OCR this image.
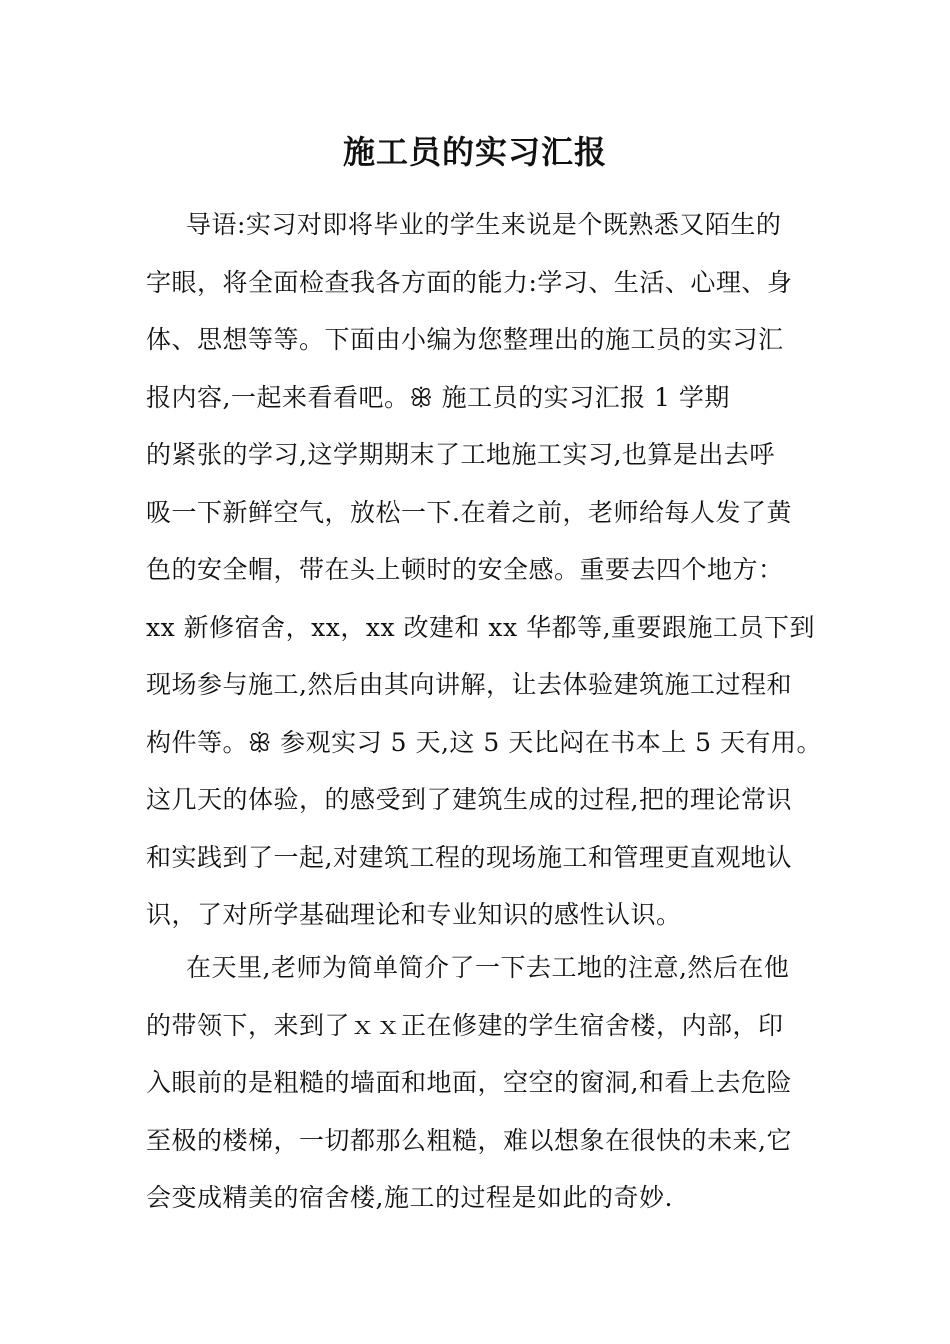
施工员的实习汇报
导语:实习对即将毕业的学生来说是个既熟悉又陌生的
字眼，将全面检查我各方面的能力:学习、生活、心理、身
体、思想等等。下面由小编为您整理出的施工员的实习汇
报内容,一起来看看吧。ꕥ 施工员的实习汇报 1 学期
的紧张的学习,这学期期末了工地施工实习,也算是出去呼
吸一下新鲜空气，放松一下.在着之前，老师给每人发了黄
色的安全帽，带在头上顿时的安全感。重要去四个地方：
xx 新修宿舍，xx，xx 改建和 xx 华都等,重要跟施工员下到
现场参与施工,然后由其向讲解，让去体验建筑施工过程和
构件等。ꕥ 参观实习 5 天,这 5 天比闷在书本上 5 天有用。
这几天的体验，的感受到了建筑生成的过程,把的理论常识
和实践到了一起,对建筑工程的现场施工和管理更直观地认
识，了对所学基础理论和专业知识的感性认识。
在天里,老师为简单简介了一下去工地的注意,然后在他
的带领下，来到了ｘｘ正在修建的学生宿舍楼，内部，印
入眼前的是粗糙的墙面和地面，空空的窗洞,和看上去危险
至极的楼梯，一切都那么粗糙，难以想象在很快的未来,它
会变成精美的宿舍楼,施工的过程是如此的奇妙.
